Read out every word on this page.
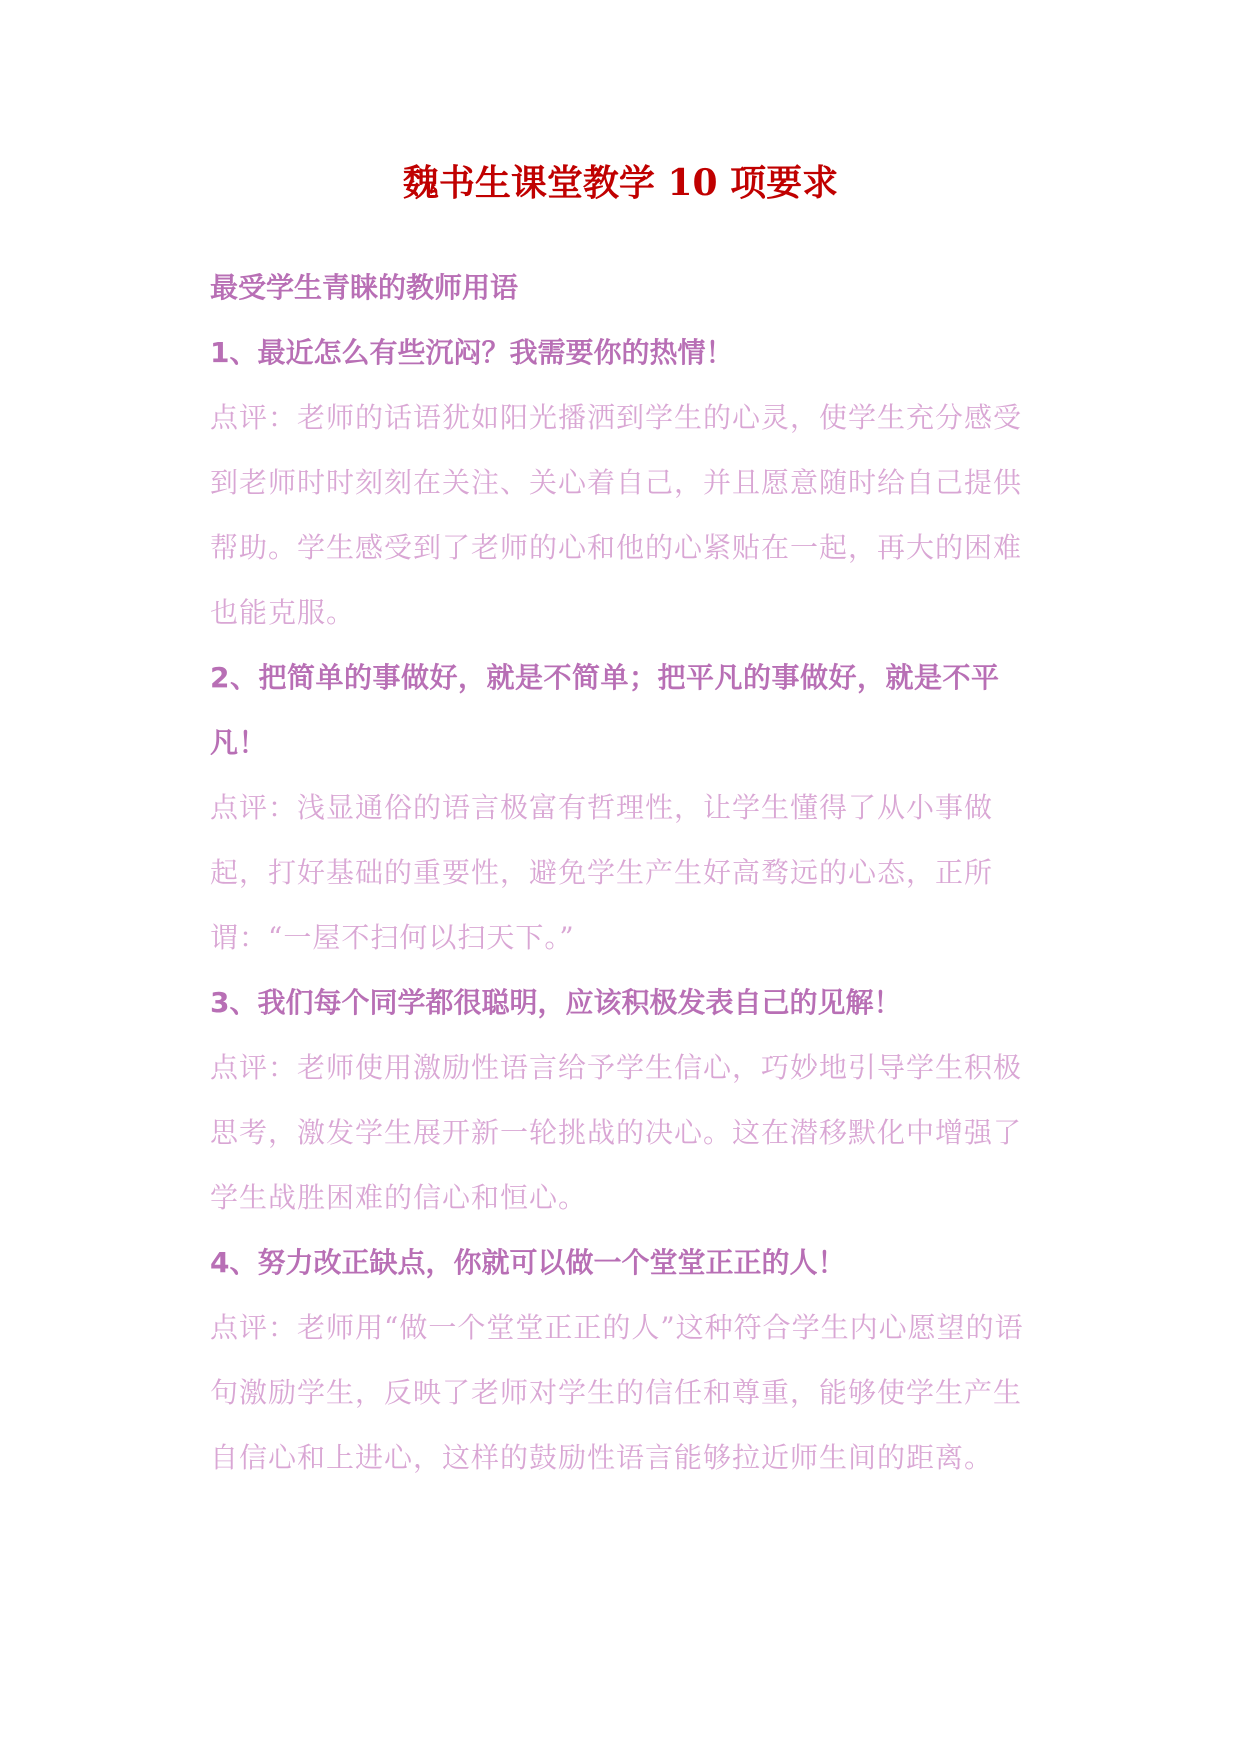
魏书生课堂教学 10 项要求

最受学生青睐的教师用语

1、最近怎么有些沉闷？我需要你的热情！

点评：老师的话语犹如阳光播洒到学生的心灵，使学生充分感受到老师时时刻刻在关注、关心着自己，并且愿意随时给自己提供帮助。学生感受到了老师的心和他的心紧贴在一起，再大的困难也能克服。

2、把简单的事做好，就是不简单；把平凡的事做好，就是不平凡！

点评：浅显通俗的语言极富有哲理性，让学生懂得了从小事做起，打好基础的重要性，避免学生产生好高骛远的心态，正所谓：“一屋不扫何以扫天下。”

3、我们每个同学都很聪明，应该积极发表自己的见解！

点评：老师使用激励性语言给予学生信心，巧妙地引导学生积极思考，激发学生展开新一轮挑战的决心。这在潜移默化中增强了学生战胜困难的信心和恒心。

4、努力改正缺点，你就可以做一个堂堂正正的人！

点评：老师用“做一个堂堂正正的人”这种符合学生内心愿望的语句激励学生，反映了老师对学生的信任和尊重，能够使学生产生自信心和上进心，这样的鼓励性语言能够拉近师生间的距离。
